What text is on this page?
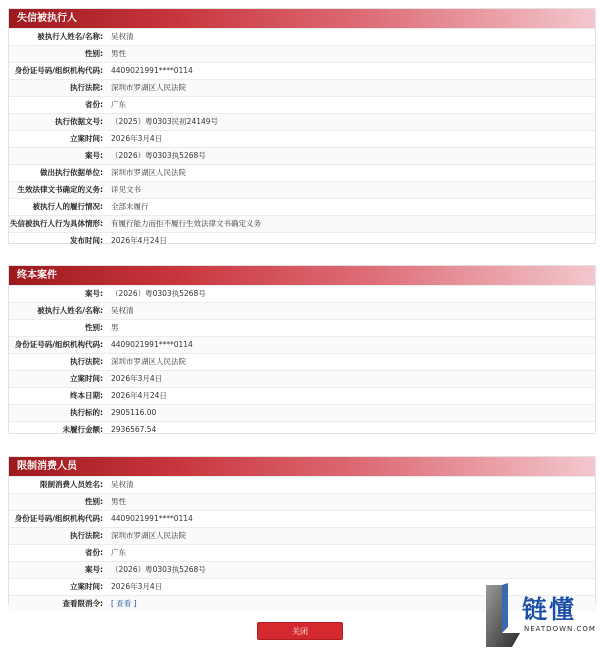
失信被执行人
被执行人姓名/名称:	吴权清
性别:	男性
身份证号码/组织机构代码:	4409021991****0114
执行法院:	深圳市罗湖区人民法院
省份:	广东
执行依据文号:	（2025）粤0303民初24149号
立案时间:	2026年3月4日
案号:	（2026）粤0303执5268号
做出执行依据单位:	深圳市罗湖区人民法院
生效法律文书确定的义务:	详见文书
被执行人的履行情况:	全部未履行
失信被执行人行为具体情形:	有履行能力而拒不履行生效法律文书确定义务
发布时间:	2026年4月24日
终本案件
案号:	（2026）粤0303执5268号
被执行人姓名/名称:	吴权清
性别:	男
身份证号码/组织机构代码:	4409021991****0114
执行法院:	深圳市罗湖区人民法院
立案时间:	2026年3月4日
终本日期:	2026年4月24日
执行标的:	2905116.00
未履行金额:	2936567.54
限制消费人员
限制消费人员姓名:	吴权清
性别:	男性
身份证号码/组织机构代码:	4409021991****0114
执行法院:	深圳市罗湖区人民法院
省份:	广东
案号:	（2026）粤0303执5268号
立案时间:	2026年3月4日
查看限消令:	[ 查看 ]
关闭
链懂
NEATDOWN.COM
